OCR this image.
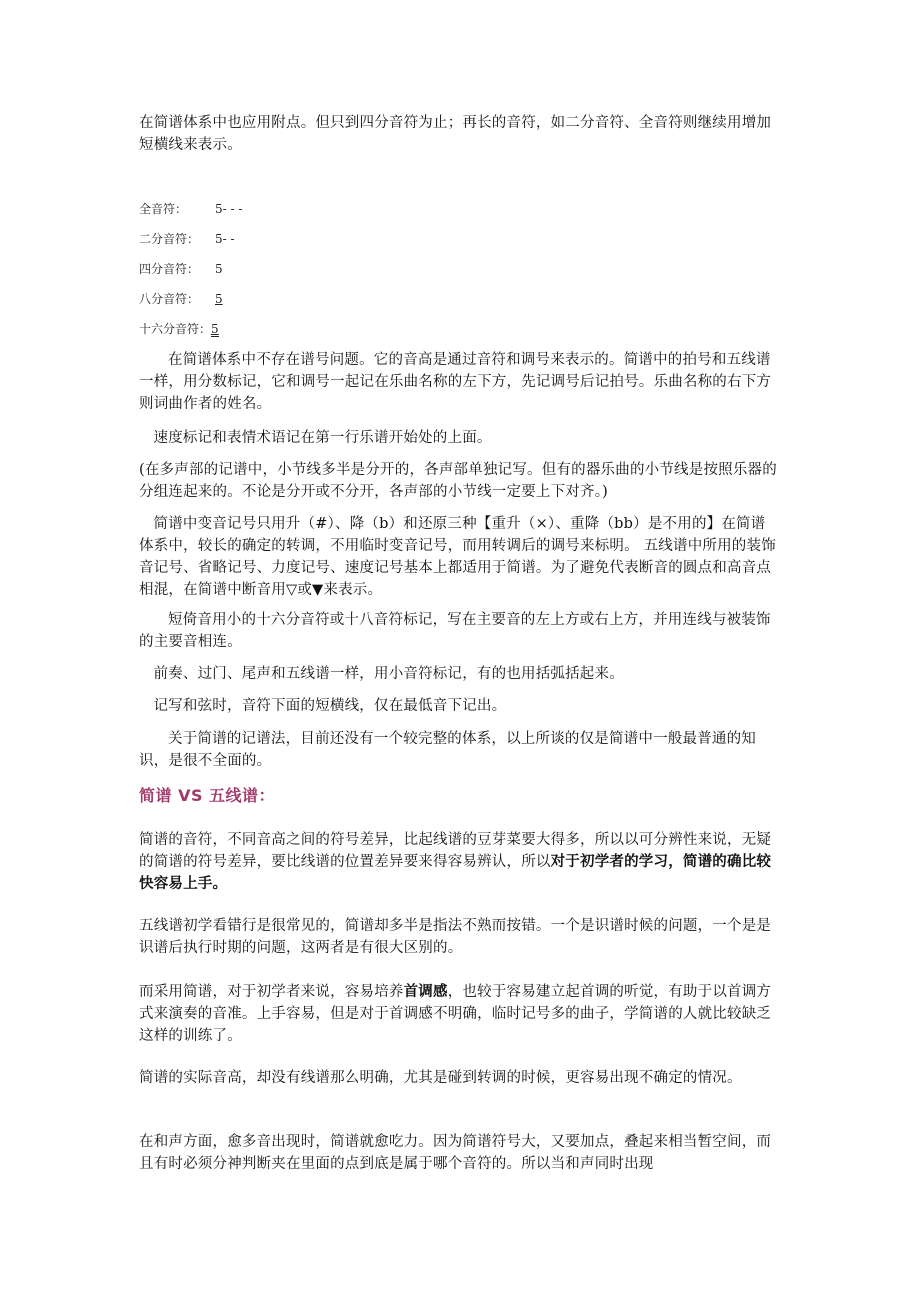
在简谱体系中也应用附点。但只到四分音符为止；再长的音符，如二分音符、全音符则继续用增加短横线来表示。

全音符： 5- - -
二分音符： 5- -
四分音符： 5
八分音符： 5
十六分音符：5

在简谱体系中不存在谱号问题。它的音高是通过音符和调号来表示的。简谱中的拍号和五线谱一样，用分数标记，它和调号一起记在乐曲名称的左下方，先记调号后记拍号。乐曲名称的右下方则词曲作者的姓名。

速度标记和表情术语记在第一行乐谱开始处的上面。

(在多声部的记谱中，小节线多半是分开的，各声部单独记写。但有的器乐曲的小节线是按照乐器的分组连起来的。不论是分开或不分开，各声部的小节线一定要上下对齐。)

简谱中变音记号只用升（#）、降（b）和还原三种【重升（×）、重降（bb）是不用的】在简谱体系中，较长的确定的转调，不用临时变音记号，而用转调后的调号来标明。 五线谱中所用的装饰音记号、省略记号、力度记号、速度记号基本上都适用于简谱。为了避免代表断音的圆点和高音点相混，在简谱中断音用▽或▼来表示。

短倚音用小的十六分音符或十八音符标记，写在主要音的左上方或右上方，并用连线与被装饰的主要音相连。

前奏、过门、尾声和五线谱一样，用小音符标记，有的也用括弧括起来。

记写和弦时，音符下面的短横线，仅在最低音下记出。

关于简谱的记谱法，目前还没有一个较完整的体系，以上所谈的仅是简谱中一般最普通的知识，是很不全面的。

简谱 VS 五线谱：

简谱的音符，不同音高之间的符号差异，比起线谱的豆芽菜要大得多，所以以可分辨性来说，无疑的简谱的符号差异，要比线谱的位置差异要来得容易辨认，所以对于初学者的学习，简谱的确比较快容易上手。

五线谱初学看错行是很常见的，简谱却多半是指法不熟而按错。一个是识谱时候的问题，一个是是识谱后执行时期的问题，这两者是有很大区别的。

而采用简谱，对于初学者来说，容易培养首调感，也较于容易建立起首调的听觉，有助于以首调方式来演奏的音准。上手容易，但是对于首调感不明确，临时记号多的曲子，学简谱的人就比较缺乏这样的训练了。

简谱的实际音高，却没有线谱那么明确，尤其是碰到转调的时候，更容易出现不确定的情况。

在和声方面，愈多音出现时，简谱就愈吃力。因为简谱符号大，又要加点，叠起来相当暂空间，而且有时必须分神判断夹在里面的点到底是属于哪个音符的。所以当和声同时出现
